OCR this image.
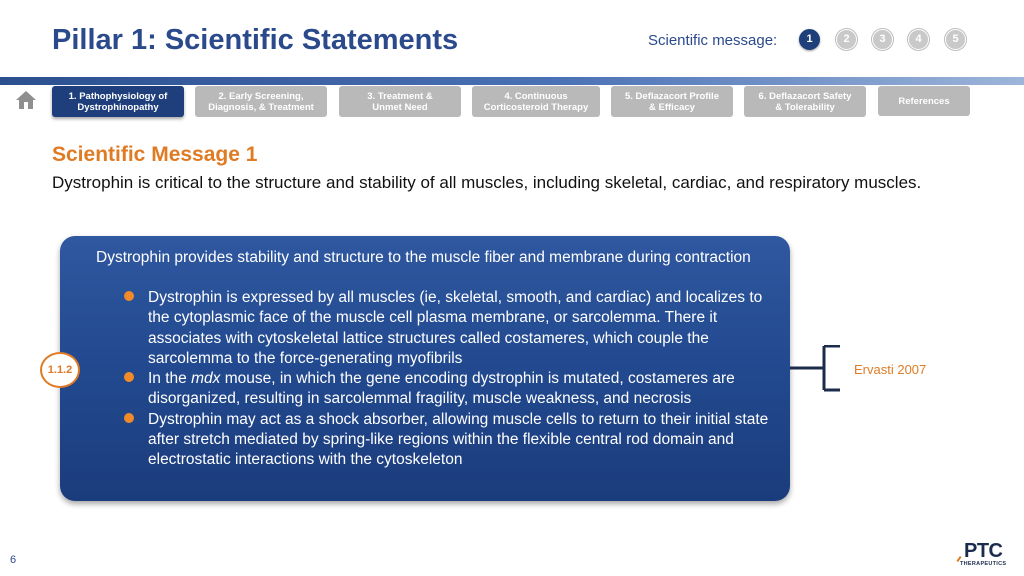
Pillar 1: Scientific Statements	Scientific message:	1	2	3	4	5
1. Pathophysiology of
Dystrophinopathy
2. Early Screening,
Diagnosis, & Treatment
3. Treatment &
Unmet Need
4. Continuous
Corticosteroid Therapy
5. Deflazacort Profile
& Efficacy
6. Deflazacort Safety
& Tolerability
References
Scientific Message 1
Dystrophin is critical to the structure and stability of all muscles, including skeletal, cardiac, and respiratory muscles.
Dystrophin provides stability and structure to the muscle fiber and membrane during contraction
Dystrophin is expressed by all muscles (ie, skeletal, smooth, and cardiac) and localizes to the cytoplasmic face of the muscle cell plasma membrane, or sarcolemma. There it associates with cytoskeletal lattice structures called costameres, which couple the sarcolemma to the force-generating myofibrils
In the mdx mouse, in which the gene encoding dystrophin is mutated, costameres are disorganized, resulting in sarcolemmal fragility, muscle weakness, and necrosis
Dystrophin may act as a shock absorber, allowing muscle cells to return to their initial state after stretch mediated by spring-like regions within the flexible central rod domain and electrostatic interactions with the cytoskeleton
1.1.2	Ervasti 2007
6	PTC
THERAPEUTICS
